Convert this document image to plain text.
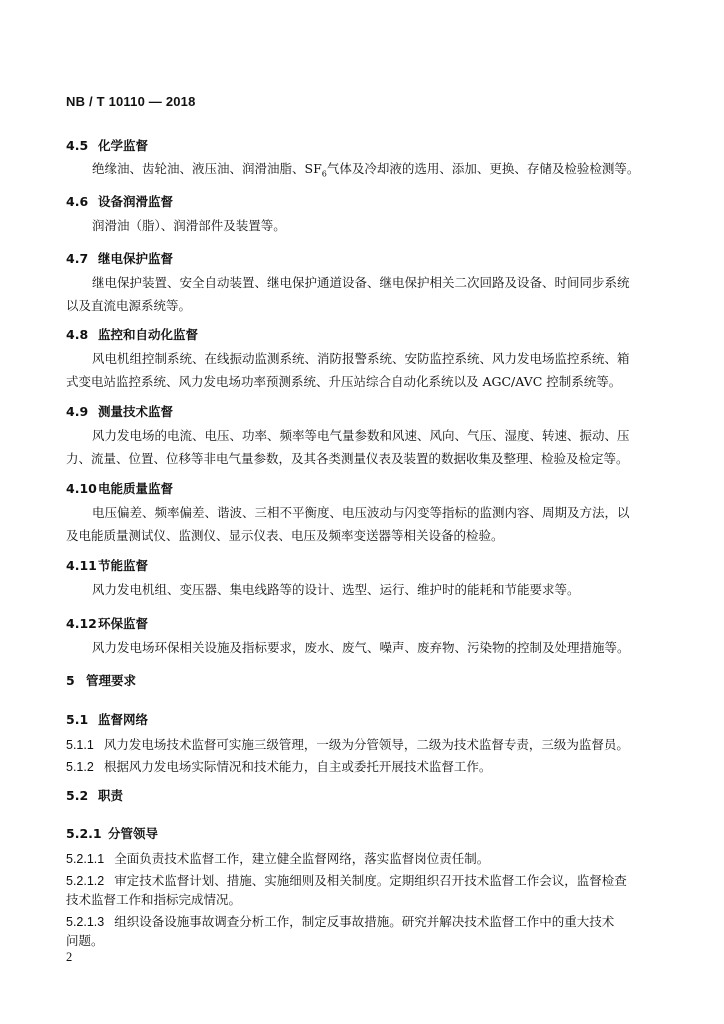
NB / T 10110 — 2018
4.5 化学监督
绝缘油、齿轮油、液压油、润滑油脂、$SF_6$气体及冷却液的选用、添加、更换、存储及检验检测等。
4.6 设备润滑监督
润滑油（脂）、润滑部件及装置等。
4.7 继电保护监督
继电保护装置、安全自动装置、继电保护通道设备、继电保护相关二次回路及设备、时间同步系统
以及直流电源系统等。
4.8 监控和自动化监督
风电机组控制系统、在线振动监测系统、消防报警系统、安防监控系统、风力发电场监控系统、箱
式变电站监控系统、风力发电场功率预测系统、升压站综合自动化系统以及 AGC/AVC 控制系统等。
4.9 测量技术监督
风力发电场的电流、电压、功率、频率等电气量参数和风速、风向、气压、湿度、转速、振动、压
力、流量、位置、位移等非电气量参数，及其各类测量仪表及装置的数据收集及整理、检验及检定等。
4.10电能质量监督
电压偏差、频率偏差、谐波、三相不平衡度、电压波动与闪变等指标的监测内容、周期及方法，以
及电能质量测试仪、监测仪、显示仪表、电压及频率变送器等相关设备的检验。
4.11节能监督
风力发电机组、变压器、集电线路等的设计、选型、运行、维护时的能耗和节能要求等。
4.12环保监督
风力发电场环保相关设施及指标要求，废水、废气、噪声、废弃物、污染物的控制及处理措施等。
5 管理要求
5.1 监督网络
5.1.1 风力发电场技术监督可实施三级管理，一级为分管领导，二级为技术监督专责，三级为监督员。
5.1.2 根据风力发电场实际情况和技术能力，自主或委托开展技术监督工作。
5.2 职责
5.2.1 分管领导
5.2.1.1 全面负责技术监督工作，建立健全监督网络，落实监督岗位责任制。
5.2.1.2 审定技术监督计划、措施、实施细则及相关制度。定期组织召开技术监督工作会议，监督检查
技术监督工作和指标完成情况。
5.2.1.3 组织设备设施事故调查分析工作，制定反事故措施。研究并解决技术监督工作中的重大技术
问题。
2
